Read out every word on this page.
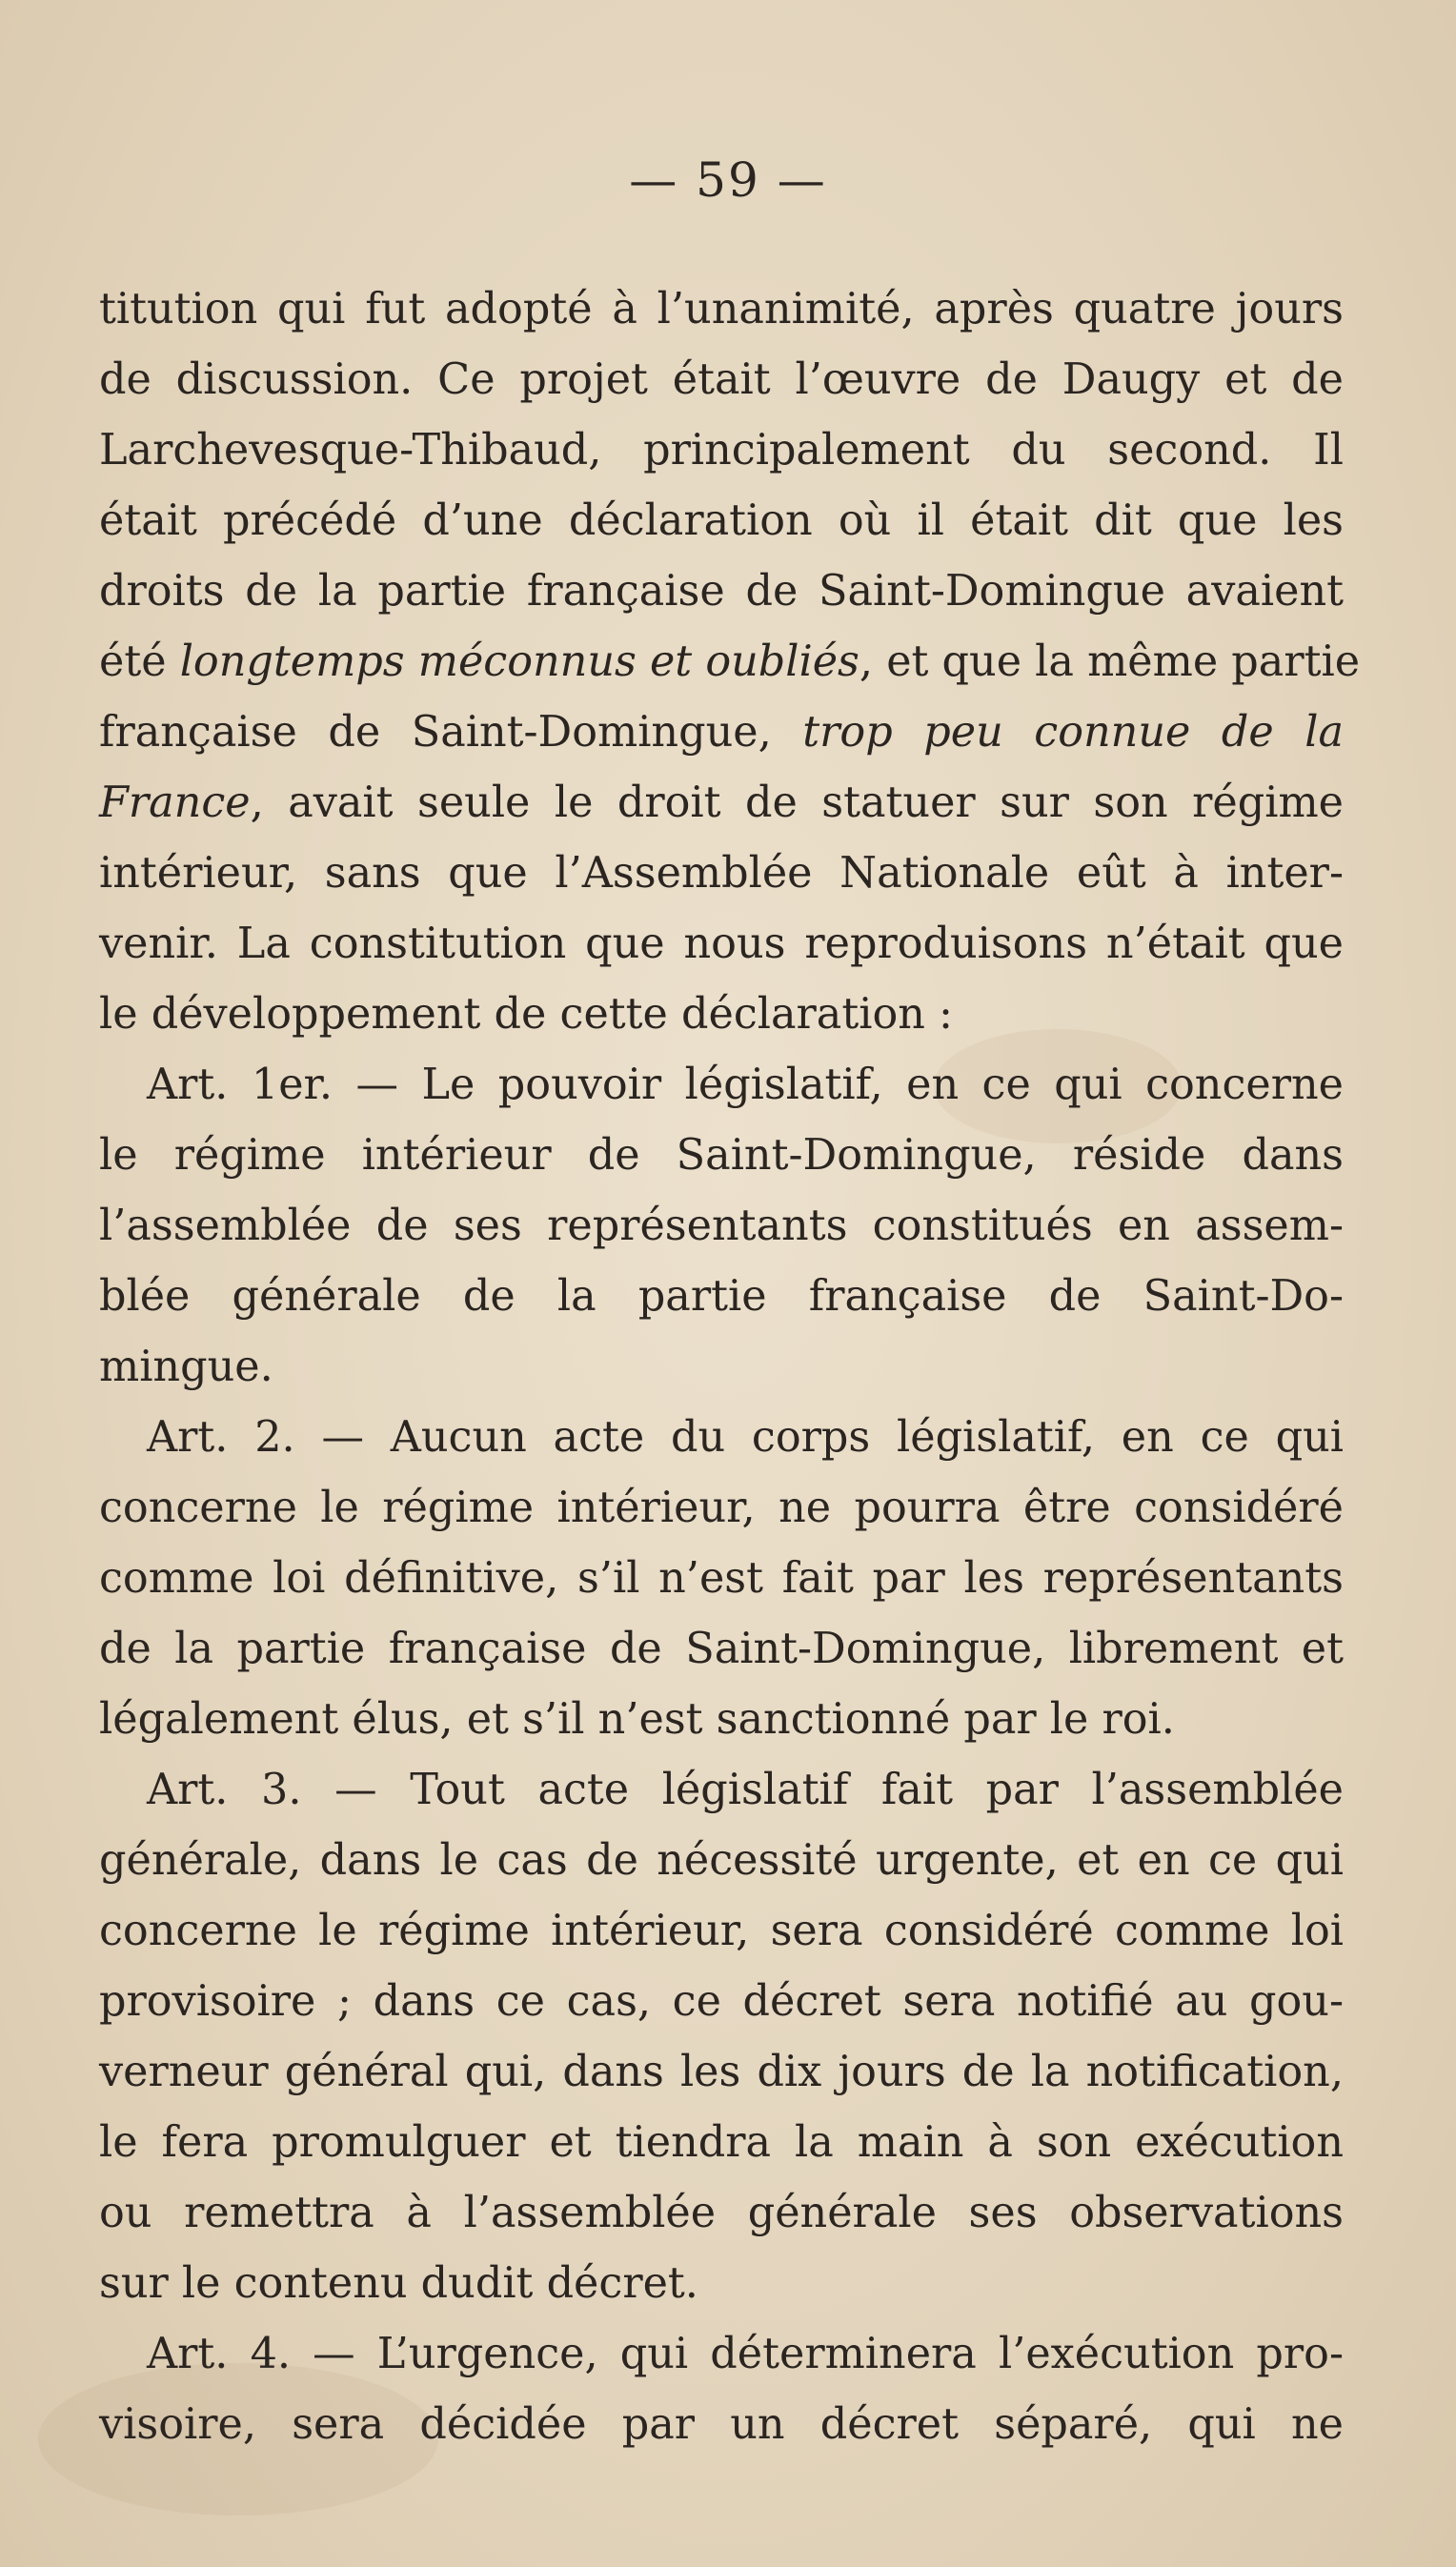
— 59 —
titution qui fut adopté à l’unanimité, après quatre jours
de discussion. Ce projet était l’œuvre de Daugy et de
Larchevesque-Thibaud, principalement du second. Il
était précédé d’une déclaration où il était dit que les
droits de la partie française de Saint-Domingue avaient
été longtemps méconnus et oubliés, et que la même partie
française de Saint-Domingue, trop peu connue de la
France, avait seule le droit de statuer sur son régime
intérieur, sans que l’Assemblée Nationale eût à inter-
venir. La constitution que nous reproduisons n’était que
le développement de cette déclaration :
Art. 1er. — Le pouvoir législatif, en ce qui concerne
le régime intérieur de Saint-Domingue, réside dans
l’assemblée de ses représentants constitués en assem-
blée générale de la partie française de Saint-Do-
mingue.
Art. 2. — Aucun acte du corps législatif, en ce qui
concerne le régime intérieur, ne pourra être considéré
comme loi définitive, s’il n’est fait par les représentants
de la partie française de Saint-Domingue, librement et
légalement élus, et s’il n’est sanctionné par le roi.
Art. 3. — Tout acte législatif fait par l’assemblée
générale, dans le cas de nécessité urgente, et en ce qui
concerne le régime intérieur, sera considéré comme loi
provisoire ; dans ce cas, ce décret sera notifié au gou-
verneur général qui, dans les dix jours de la notification,
le fera promulguer et tiendra la main à son exécution
ou remettra à l’assemblée générale ses observations
sur le contenu dudit décret.
Art. 4. — L’urgence, qui déterminera l’exécution pro-
visoire, sera décidée par un décret séparé, qui ne
